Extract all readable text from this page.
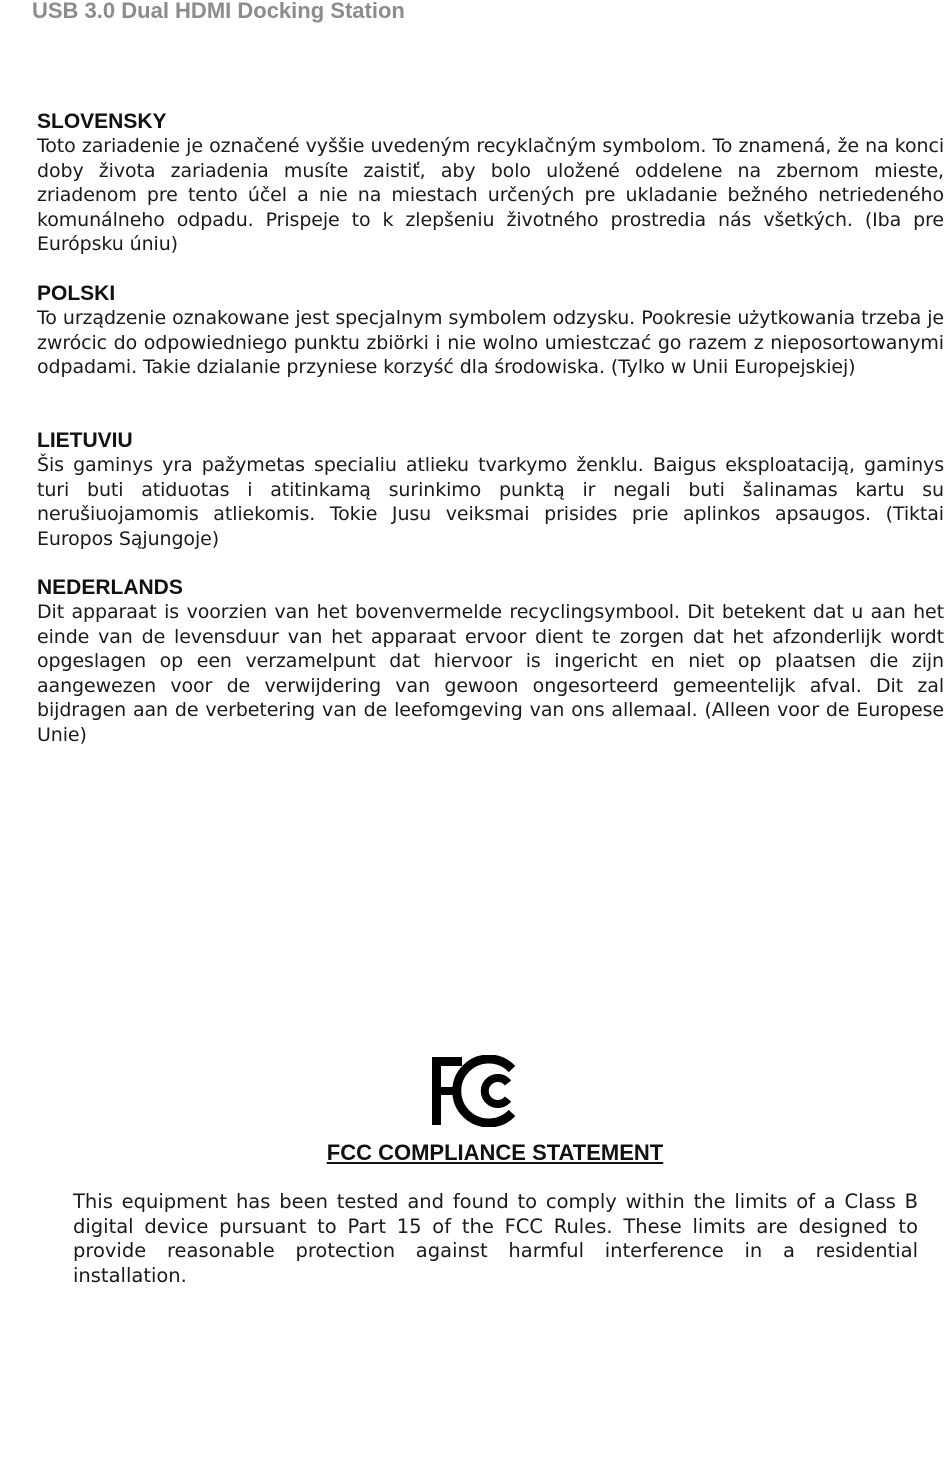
USB 3.0 Dual HDMI Docking Station

SLOVENSKY

Toto zariadenie je označené vyššie uvedeným recyklačným symbolom. To znamená, že na konci doby života zariadenia musíte zaistiť, aby bolo uložené oddelene na zbernom mieste, zriadenom pre tento účel a nie na miestach určených pre ukladanie bežného netriedeného komunálneho odpadu. Prispeje to k zlepšeniu životného prostredia nás všetkých. (Iba pre Európsku úniu)

POLSKI

To urządzenie oznakowane jest specjalnym symbolem odzysku. Pookresie użytkowania trzeba je zwrócic do odpowiedniego punktu zbiörki i nie wolno umiestczać go razem z nieposortowanymi odpadami. Takie dzialanie przyniese korzyść dla środowiska. (Tylko w Unii Europejskiej)

LIETUVIU

Šis gaminys yra pažymetas specialiu atlieku tvarkymo ženklu. Baigus eksploataciją, gaminys turi buti atiduotas i atitinkamą surinkimo punktą ir negali buti šalinamas kartu su nerušiuojamomis atliekomis. Tokie Jusu veiksmai prisides prie aplinkos apsaugos. (Tiktai Europos Sąjungoje)

NEDERLANDS

Dit apparaat is voorzien van het bovenvermelde recyclingsymbool. Dit betekent dat u aan het einde van de levensduur van het apparaat ervoor dient te zorgen dat het afzonderlijk wordt opgeslagen op een verzamelpunt dat hiervoor is ingericht en niet op plaatsen die zijn aangewezen voor de verwijdering van gewoon ongesorteerd gemeentelijk afval. Dit zal bijdragen aan de verbetering van de leefomgeving van ons allemaal. (Alleen voor de Europese Unie)

FCC COMPLIANCE STATEMENT

This equipment has been tested and found to comply within the limits of a Class B digital device pursuant to Part 15 of the FCC Rules. These limits are designed to provide reasonable protection against harmful interference in a residential installation.
